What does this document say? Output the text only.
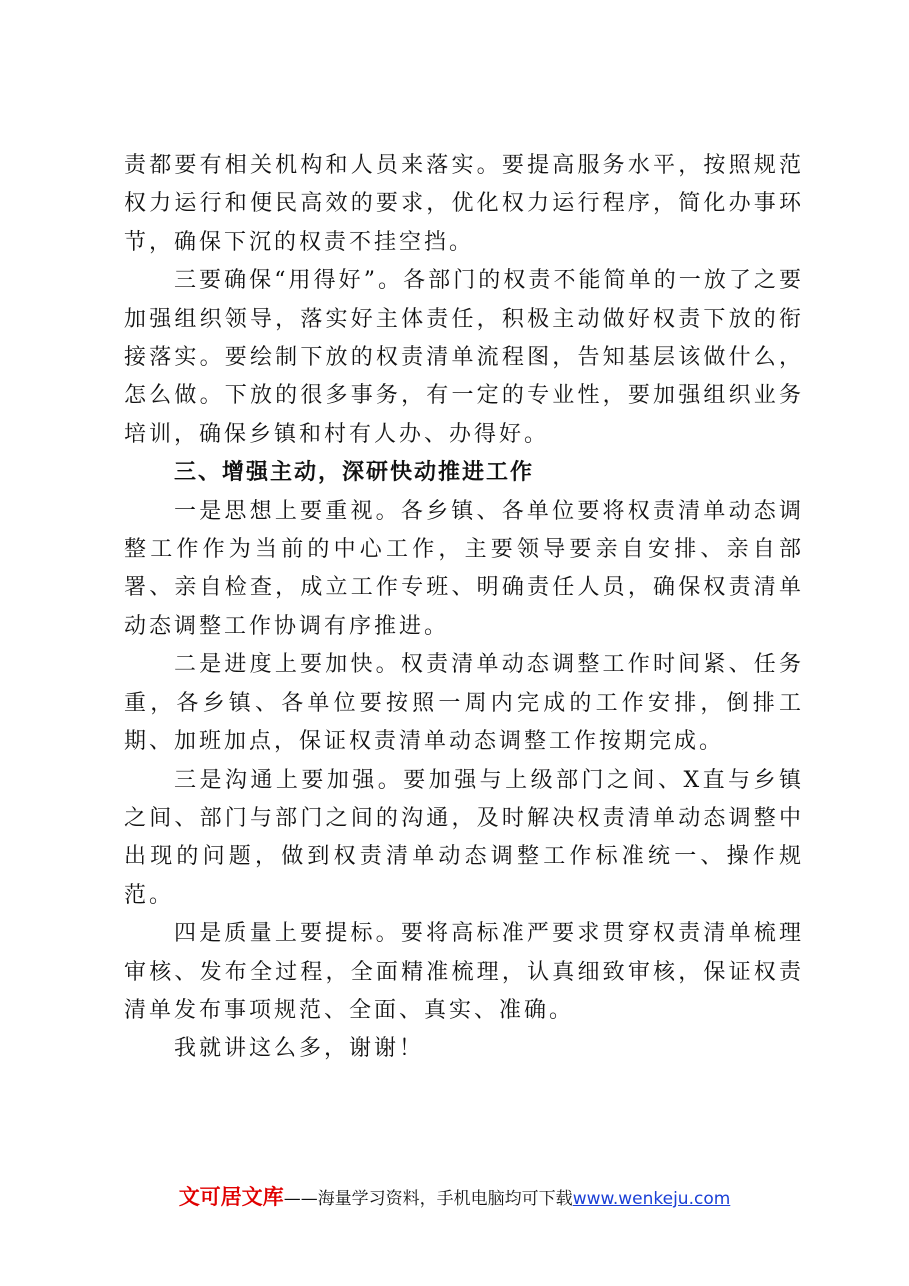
责都要有相关机构和人员来落实。要提高服务水平，按照规范权力运行和便民高效的要求，优化权力运行程序，简化办事环节，确保下沉的权责不挂空挡。

三要确保“用得好”。各部门的权责不能简单的一放了之要加强组织领导，落实好主体责任，积极主动做好权责下放的衔接落实。要绘制下放的权责清单流程图，告知基层该做什么，怎么做。下放的很多事务，有一定的专业性，要加强组织业务培训，确保乡镇和村有人办、办得好。

三、增强主动，深研快动推进工作

一是思想上要重视。各乡镇、各单位要将权责清单动态调整工作作为当前的中心工作，主要领导要亲自安排、亲自部署、亲自检查，成立工作专班、明确责任人员，确保权责清单动态调整工作协调有序推进。

二是进度上要加快。权责清单动态调整工作时间紧、任务重，各乡镇、各单位要按照一周内完成的工作安排，倒排工期、加班加点，保证权责清单动态调整工作按期完成。

三是沟通上要加强。要加强与上级部门之间、X直与乡镇之间、部门与部门之间的沟通，及时解决权责清单动态调整中出现的问题，做到权责清单动态调整工作标准统一、操作规范。

四是质量上要提标。要将高标准严要求贯穿权责清单梳理审核、发布全过程，全面精准梳理，认真细致审核，保证权责清单发布事项规范、全面、真实、准确。

我就讲这么多，谢谢！

文可居文库——海量学习资料，手机电脑均可下载www.wenkeju.com
